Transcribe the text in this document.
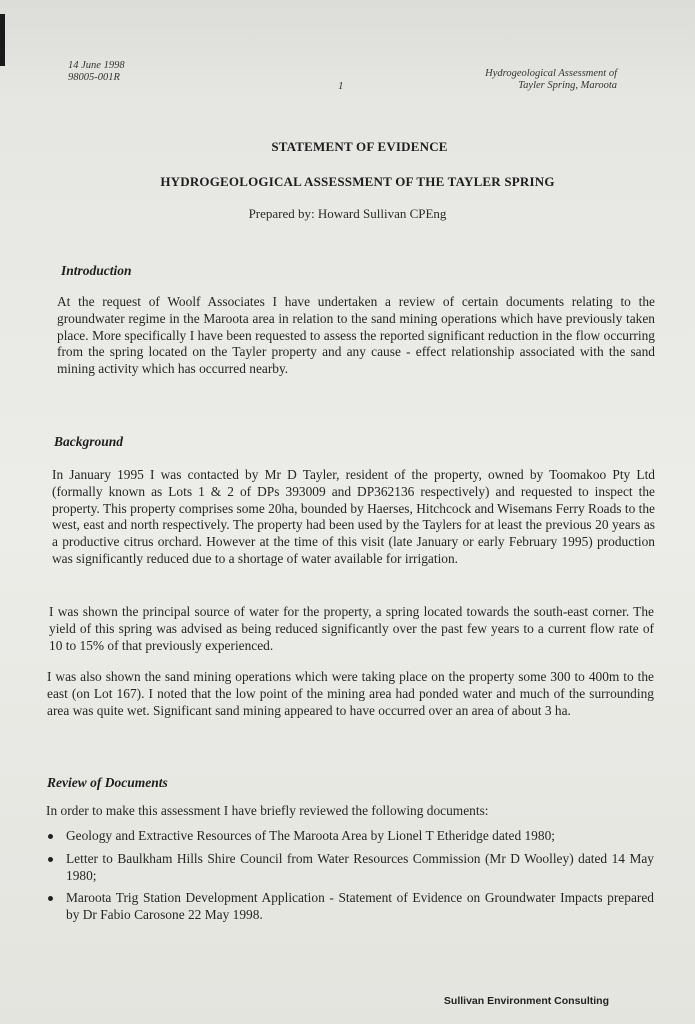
14 June 1998
98005-001R
1
Hydrogeological Assessment of
Tayler Spring, Maroota
STATEMENT OF EVIDENCE
HYDROGEOLOGICAL ASSESSMENT OF THE TAYLER SPRING
Prepared by: Howard Sullivan CPEng
Introduction
At the request of Woolf Associates I have undertaken a review of certain documents relating to the groundwater regime in the Maroota area in relation to the sand mining operations which have previously taken place. More specifically I have been requested to assess the reported significant reduction in the flow occurring from the spring located on the Tayler property and any cause - effect relationship associated with the sand mining activity which has occurred nearby.
Background
In January 1995 I was contacted by Mr D Tayler, resident of the property, owned by Toomakoo Pty Ltd (formally known as Lots 1 & 2 of DPs 393009 and DP362136 respectively) and requested to inspect the property. This property comprises some 20ha, bounded by Haerses, Hitchcock and Wisemans Ferry Roads to the west, east and north respectively. The property had been used by the Taylers for at least the previous 20 years as a productive citrus orchard. However at the time of this visit (late January or early February 1995) production was significantly reduced due to a shortage of water available for irrigation.
I was shown the principal source of water for the property, a spring located towards the south-east corner. The yield of this spring was advised as being reduced significantly over the past few years to a current flow rate of 10 to 15% of that previously experienced.
I was also shown the sand mining operations which were taking place on the property some 300 to 400m to the east (on Lot 167). I noted that the low point of the mining area had ponded water and much of the surrounding area was quite wet. Significant sand mining appeared to have occurred over an area of about 3 ha.
Review of Documents
In order to make this assessment I have briefly reviewed the following documents:
Geology and Extractive Resources of The Maroota Area by Lionel T Etheridge dated 1980;
Letter to Baulkham Hills Shire Council from Water Resources Commission (Mr D Woolley) dated 14 May 1980;
Maroota Trig Station Development Application - Statement of Evidence on Groundwater Impacts prepared by Dr Fabio Carosone 22 May 1998.
Sullivan Environment Consulting
